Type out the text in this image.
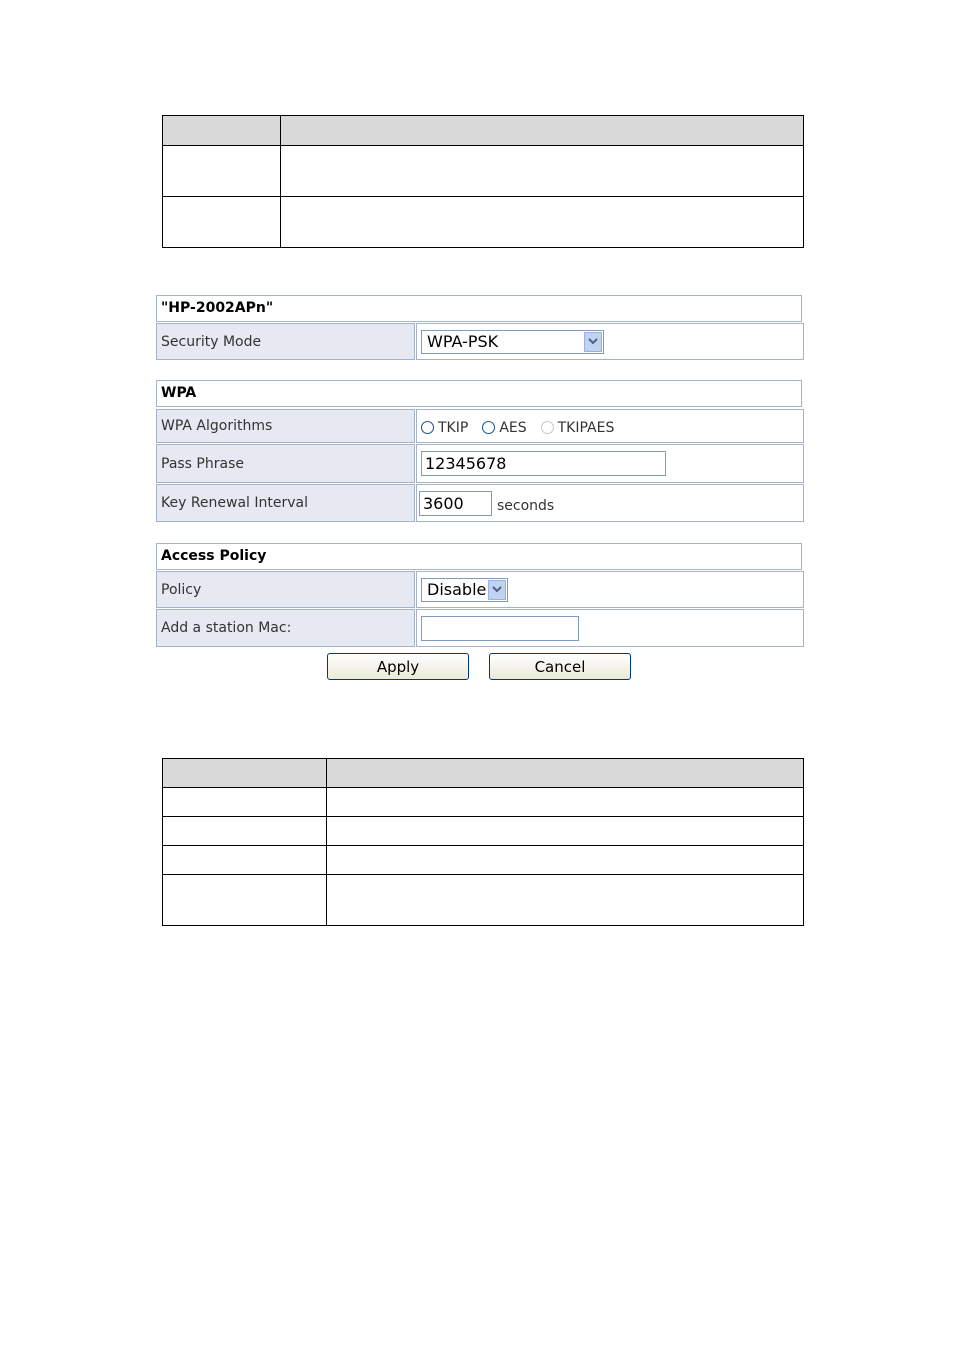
"HP-2002APn"
Security Mode	WPA-PSK
WPA
WPA Algorithms	TKIP AES TKIPAES
Pass Phrase	12345678
Key Renewal Interval	3600 seconds
Access Policy
Policy	Disable
Add a station Mac:
Apply	Cancel
